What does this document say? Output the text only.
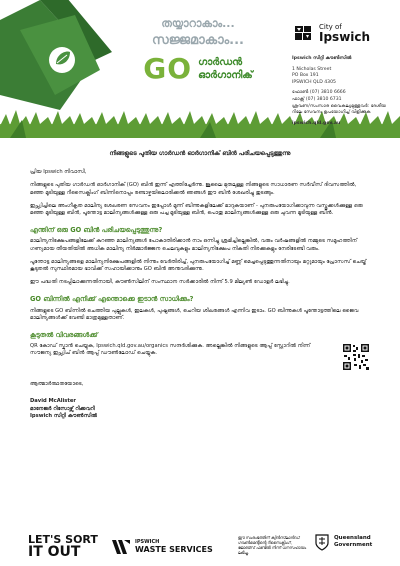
തയ്യാറാകാം...
സജ്ജമാകാം...
GO ഗാർഡൻ
ഓർഗാനിക്
City of
Ipswich

Ipswich സിറ്റി കൗൺസിൽ

1 Nicholas Street
PO Box 191
IPSWICH QLD 4305

ഫോൺ (07) 3810 6666
ഫാക്സ് (07) 3810 6731
ശ്രവണ/സംസാര വൈകല്യമുള്ളവർ: ദേശീയ റിലേ സേവനം ഉപയോഗിച്ച് വിളിക്കുക

ipswich.qld.gov.au

നിങ്ങളുടെ പുതിയ ഗാർഡൻ ഓർഗാനിക് ബിൻ പരിചയപ്പെടുത്തുന്നു

പ്രിയ Ipswich നിവാസി,

നിങ്ങളുടെ പുതിയ ഗാർഡൻ ഓർഗാനിക് (GO) ബിൻ ഇന്ന് എത്തിച്ചേർന്നു. ജൂലൈ മുതലുള്ള നിങ്ങളുടെ സാധാരണ സർവീസ് ദിവസത്തിൽ, മഞ്ഞ മൂടിയുള്ള റീസൈക്ലിംഗ് ബിന്നിനൊപ്പം രണ്ടാഴ്ചയിലൊരിക്കൽ ഞങ്ങൾ ഈ ബിൻ ശേഖരിച്ചു തുടങ്ങും.

ഇപ്സ്വിച്ചിലെ അംഗീകൃത മാലിന്യ ശേഖരണ സേവനം ഇപ്പോൾ മൂന്ന് ബിന്നുകളിലേക്ക് മാറുകയാണ് - പുനരുപയോഗിക്കാവുന്ന വസ്തുക്കൾക്കുള്ള ഒരു മഞ്ഞ മൂടിയുള്ള ബിൻ, പൂന്തോട്ട മാലിന്യങ്ങൾക്കുള്ള ഒരു പച്ച മൂടിയുള്ള ബിൻ, പൊതു മാലിന്യങ്ങൾക്കുള്ള ഒരു ചുവന്ന മൂടിയുള്ള ബിൻ.

എന്തിന് ഒരു GO ബിൻ പരിചയപ്പെടുത്തുന്നു?

മാലിന്യനിക്ഷേപങ്ങളിലേക്ക് കുറഞ്ഞ മാലിന്യങ്ങൾ പോകാതിരിക്കാൻ നാം ഒന്നിച്ചു ശ്രമിച്ചില്ലെങ്കിൽ, വരും വർഷങ്ങളിൽ നമ്മുടെ സമൂഹത്തിന് ഗണ്യമായ തീയതിയിൽ അധിക മാലിന്യ നിർമ്മാർജ്ജന ചെലവുകളും മാലിന്യനിക്ഷേപ നികുതി നിരക്കുകളും നേരിടേണ്ടി വരും.

പൂന്തോട്ട മാലിന്യങ്ങളെ മാലിന്യനിക്ഷേപങ്ങളിൽ നിന്നും വേർതിരിച്ച്, പുനരുപയോഗിച്ച് മണ്ണ് മെച്ചപ്പെടുത്തുന്നതിനായും മറ്റുമായും പ്രോസസ് ചെയ്ത് കൂടുതൽ സുസ്ഥിരമായ ഭാവിക്ക് സഹായിക്കാനും GO ബിൻ അനുവദിക്കുന്നു.

ഈ പദ്ധതി നടപ്പിലാക്കുന്നതിനായി, കൗൺസിലിന് സംസ്ഥാന സർക്കാരിൽ നിന്ന് 5.9 മില്യൺ ഡോളർ ലഭിച്ചു.

GO ബിന്നിൽ എനിക്ക് എന്തൊക്കെ ഇടാൻ സാധിക്കും?

നിങ്ങളുടെ GO ബിന്നിൽ ചെത്തിയ പുല്ലുകൾ, ഇലകൾ, പുഷ്പങ്ങൾ, ചെറിയ ശിഖരങ്ങൾ എന്നിവ ഇടാം. GO ബിന്നുകൾ പൂന്തോട്ടത്തിലെ ജൈവ മാലിന്യങ്ങൾക്ക് വേണ്ടി മാത്രമുള്ളതാണ്.

കൂടുതൽ വിവരങ്ങൾക്ക്

QR കോഡ് സ്കാൻ ചെയ്യുക, Ipswich.qld.gov.au/organics സന്ദർശിക്കുക. അല്ലെങ്കിൽ നിങ്ങളുടെ ആപ്പ് സ്റ്റോറിൽ നിന്ന് സൗജന്യ ഇപ്സ്വിച് ബിൻ ആപ്പ് ഡൗൺലോഡ് ചെയ്യുക.

ആത്മാർത്ഥതയോടെ,

David McAlister

മാനേജർ റിസോഴ്സ് റിക്കവറി

Ipswich സിറ്റി കൗൺസിൽ

LET'S SORT
IT OUT
IPSWICH
WASTE SERVICES
ഈ സംരംഭത്തിന് ക്വീൻസ്‌ലാൻഡ് ഗവൺമെന്റിന്റെ റീസൈക്ലിംഗ്, ജോബ്സ് ഫണ്ടിൽ നിന്ന് ധനസഹായം ലഭിച്ചു.
Queensland
Government
